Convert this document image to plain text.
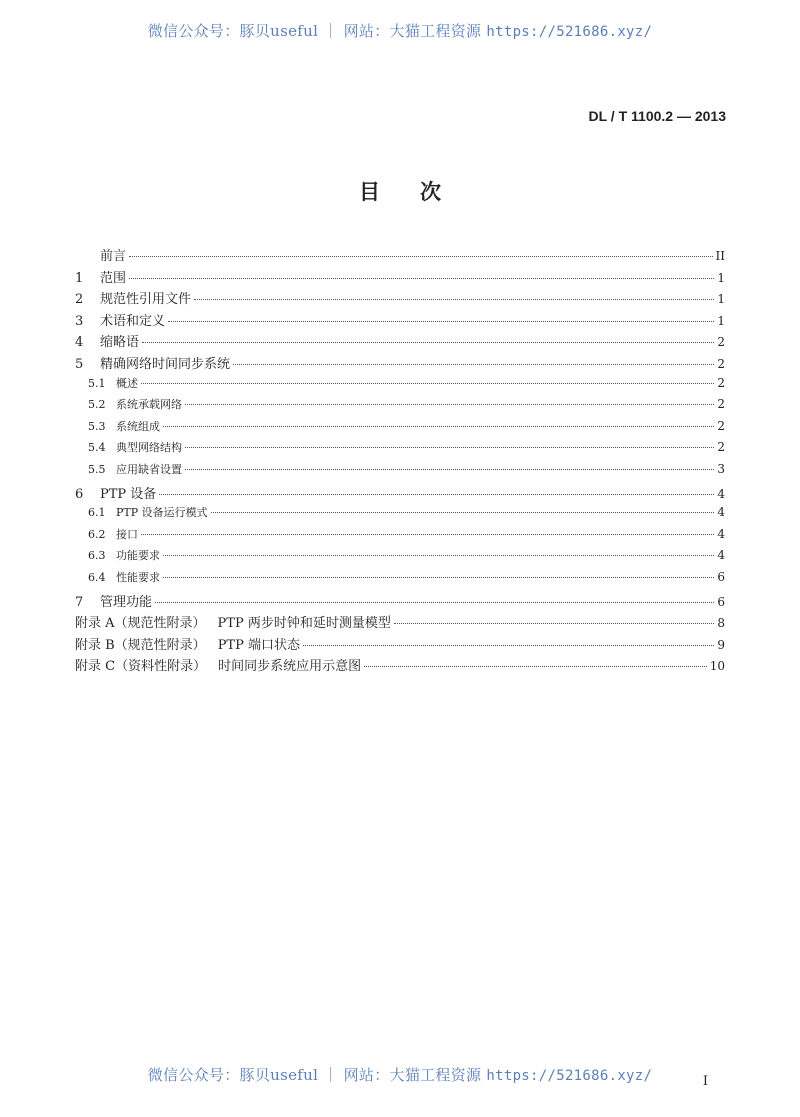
微信公众号：豚贝useful ｜ 网站：大猫工程资源 https://521686.xyz/
DL / T 1100.2 — 2013
目次
前言	II
1	范围	1
2	规范性引用文件	1
3	术语和定义	1
4	缩略语	2
5	精确网络时间同步系统	2
5.1 概述	2
5.2 系统承载网络	2
5.3 系统组成	2
5.4 典型网络结构	2
5.5 应用缺省设置	3
6	PTP 设备	4
6.1 PTP 设备运行模式	4
6.2 接口	4
6.3 功能要求	4
6.4 性能要求	6
7	管理功能	6
附录 A（规范性附录） PTP 两步时钟和延时测量模型	8
附录 B（规范性附录） PTP 端口状态	9
附录 C（资料性附录） 时间同步系统应用示意图	10
微信公众号：豚贝useful ｜ 网站：大猫工程资源 https://521686.xyz/	I
